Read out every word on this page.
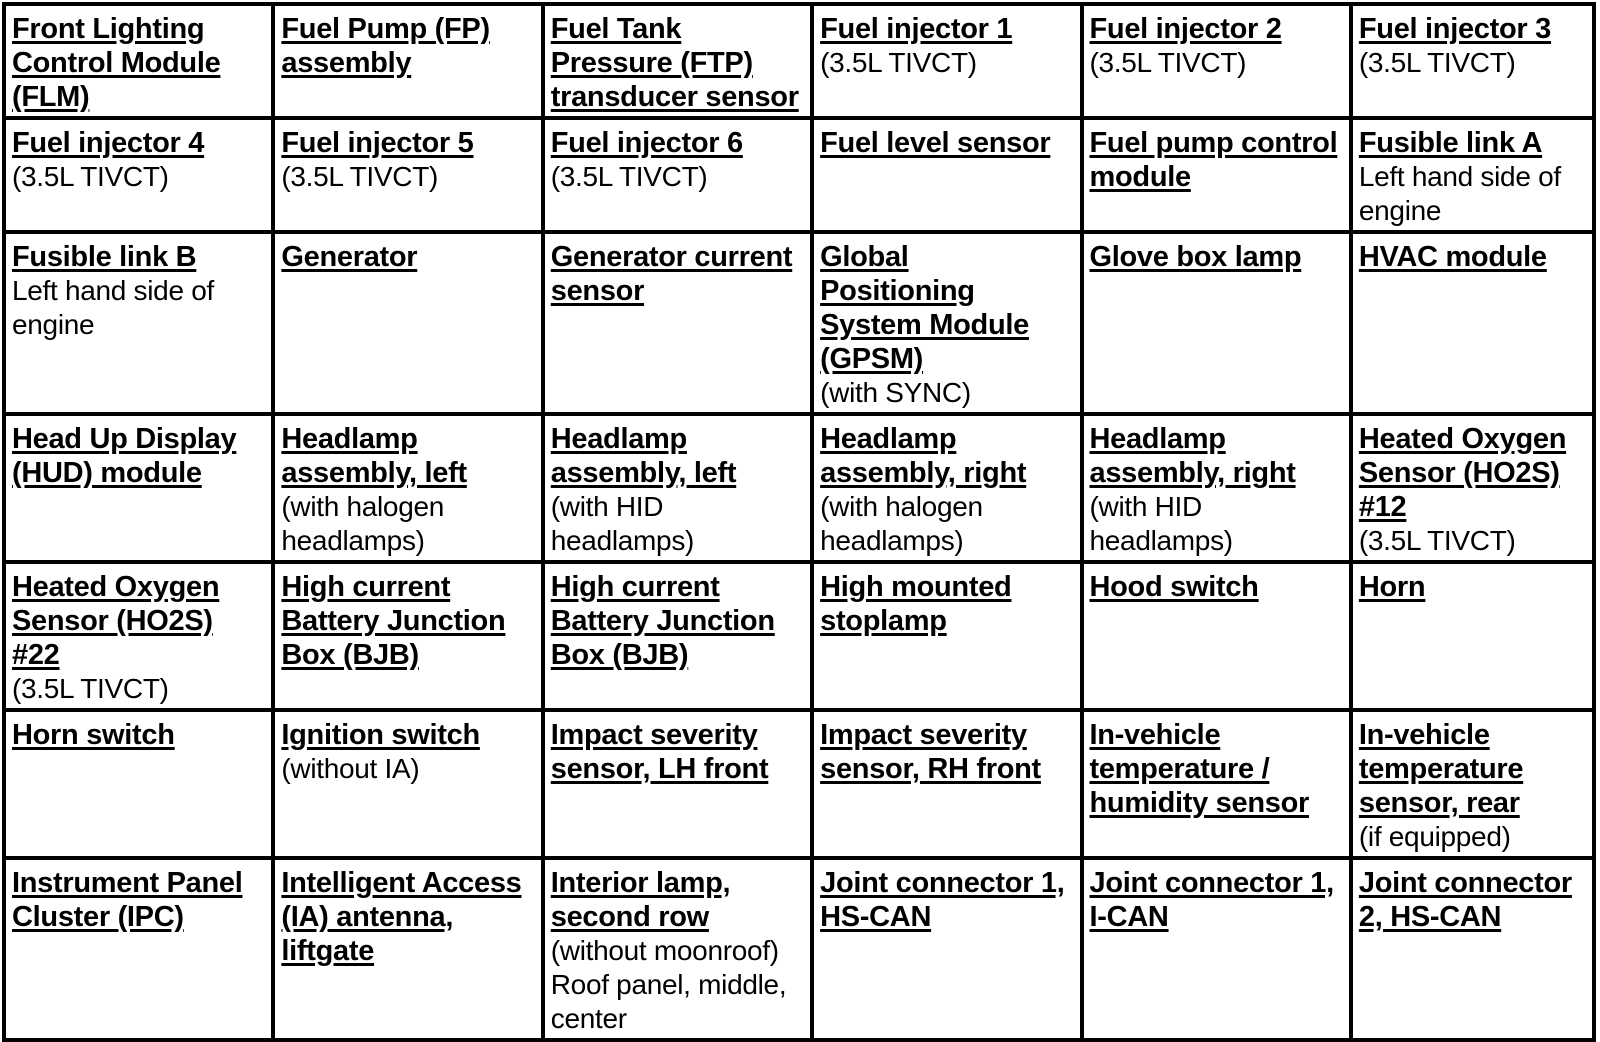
Front Lighting
Control Module
(FLM)	Fuel Pump (FP)
assembly	Fuel Tank
Pressure (FTP)
transducer sensor	Fuel injector 1
(3.5L TIVCT)	Fuel injector 2
(3.5L TIVCT)	Fuel injector 3
(3.5L TIVCT)

Fuel injector 4
(3.5L TIVCT)	Fuel injector 5
(3.5L TIVCT)	Fuel injector 6
(3.5L TIVCT)	Fuel level sensor	Fuel pump control
module	Fusible link A
Left hand side of
engine

Fusible link B
Left hand side of
engine	Generator	Generator current
sensor	Global
Positioning
System Module
(GPSM)
(with SYNC)	Glove box lamp	HVAC module

Head Up Display
(HUD) module	Headlamp
assembly, left
(with halogen
headlamps)	Headlamp
assembly, left
(with HID
headlamps)	Headlamp
assembly, right
(with halogen
headlamps)	Headlamp
assembly, right
(with HID
headlamps)	Heated Oxygen
Sensor (HO2S)
#12
(3.5L TIVCT)

Heated Oxygen
Sensor (HO2S)
#22
(3.5L TIVCT)	High current
Battery Junction
Box (BJB)	High current
Battery Junction
Box (BJB)	High mounted
stoplamp	Hood switch	Horn

Horn switch	Ignition switch
(without IA)	Impact severity
sensor, LH front	Impact severity
sensor, RH front	In-vehicle
temperature /
humidity sensor	In-vehicle
temperature
sensor, rear
(if equipped)

Instrument Panel
Cluster (IPC)	Intelligent Access
(IA) antenna,
liftgate	Interior lamp,
second row
(without moonroof)
Roof panel, middle,
center	Joint connector 1,
HS-CAN	Joint connector 1,
I-CAN	Joint connector
2, HS-CAN
